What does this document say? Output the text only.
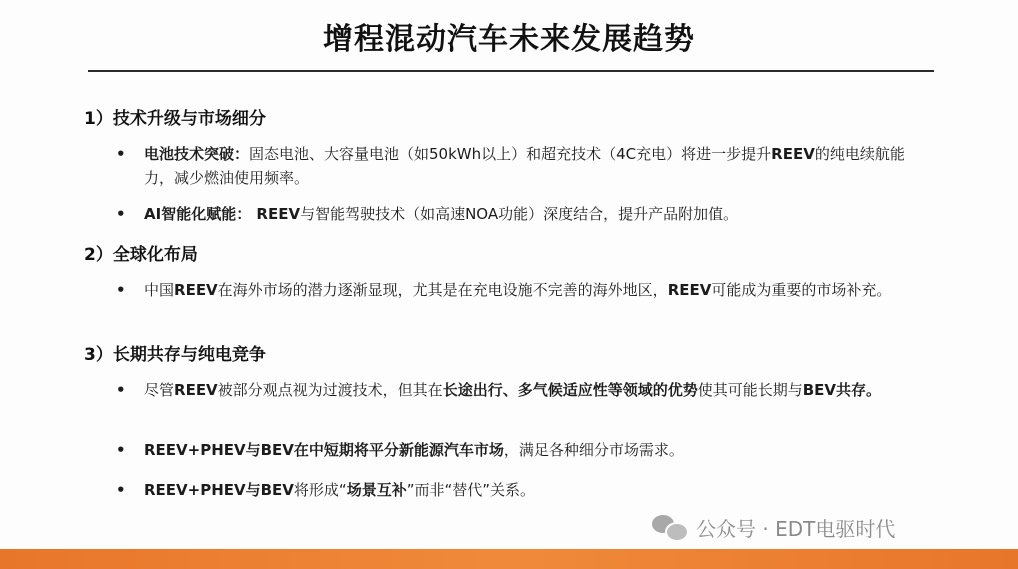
增程混动汽车未来发展趋势
1）技术升级与市场细分
• 电池技术突破：固态电池、大容量电池（如50kWh以上）和超充技术（4C充电）将进一步提升REEV的纯电续航能力，减少燃油使用频率。
• AI智能化赋能： REEV与智能驾驶技术（如高速NOA功能）深度结合，提升产品附加值。
2）全球化布局
• 中国REEV在海外市场的潜力逐渐显现，尤其是在充电设施不完善的海外地区，REEV可能成为重要的市场补充。
3）长期共存与纯电竞争
• 尽管REEV被部分观点视为过渡技术，但其在长途出行、多气候适应性等领域的优势使其可能长期与BEV共存。
• REEV+PHEV与BEV在中短期将平分新能源汽车市场，满足各种细分市场需求。
• REEV+PHEV与BEV将形成“场景互补”而非“替代”关系。
公众号 · EDT电驱时代
